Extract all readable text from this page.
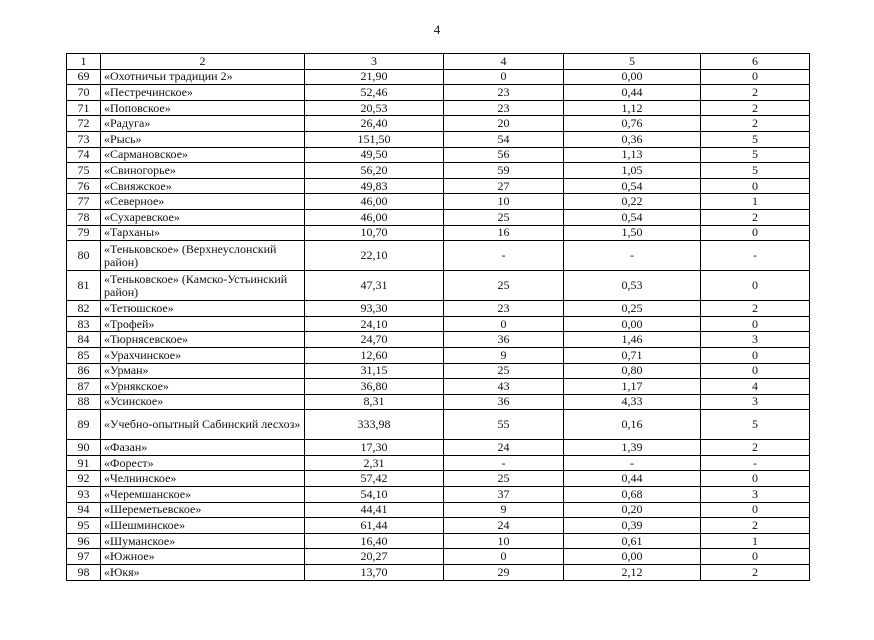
4
1	2	3	4	5	6
69	«Охотничьи традиции 2»	21,90	0	0,00	0
70	«Пестречинское»	52,46	23	0,44	2
71	«Поповское»	20,53	23	1,12	2
72	«Радуга»	26,40	20	0,76	2
73	«Рысь»	151,50	54	0,36	5
74	«Сармановское»	49,50	56	1,13	5
75	«Свиногорье»	56,20	59	1,05	5
76	«Свияжское»	49,83	27	0,54	0
77	«Северное»	46,00	10	0,22	1
78	«Сухаревское»	46,00	25	0,54	2
79	«Тарханы»	10,70	16	1,50	0
80	«Теньковское» (Верхнеуслонский район)	22,10	-	-	-
81	«Теньковское» (Камско-Устьинский район)	47,31	25	0,53	0
82	«Тетюшское»	93,30	23	0,25	2
83	«Трофей»	24,10	0	0,00	0
84	«Тюрнясевское»	24,70	36	1,46	3
85	«Урахчинское»	12,60	9	0,71	0
86	«Урман»	31,15	25	0,80	0
87	«Урнякское»	36,80	43	1,17	4
88	«Усинское»	8,31	36	4,33	3
89	«Учебно-опытный Сабинский лесхоз»	333,98	55	0,16	5
90	«Фазан»	17,30	24	1,39	2
91	«Форест»	2,31	-	-	-
92	«Челнинское»	57,42	25	0,44	0
93	«Черемшанское»	54,10	37	0,68	3
94	«Шереметьевское»	44,41	9	0,20	0
95	«Шешминское»	61,44	24	0,39	2
96	«Шуманское»	16,40	10	0,61	1
97	«Южное»	20,27	0	0,00	0
98	«Юкя»	13,70	29	2,12	2
